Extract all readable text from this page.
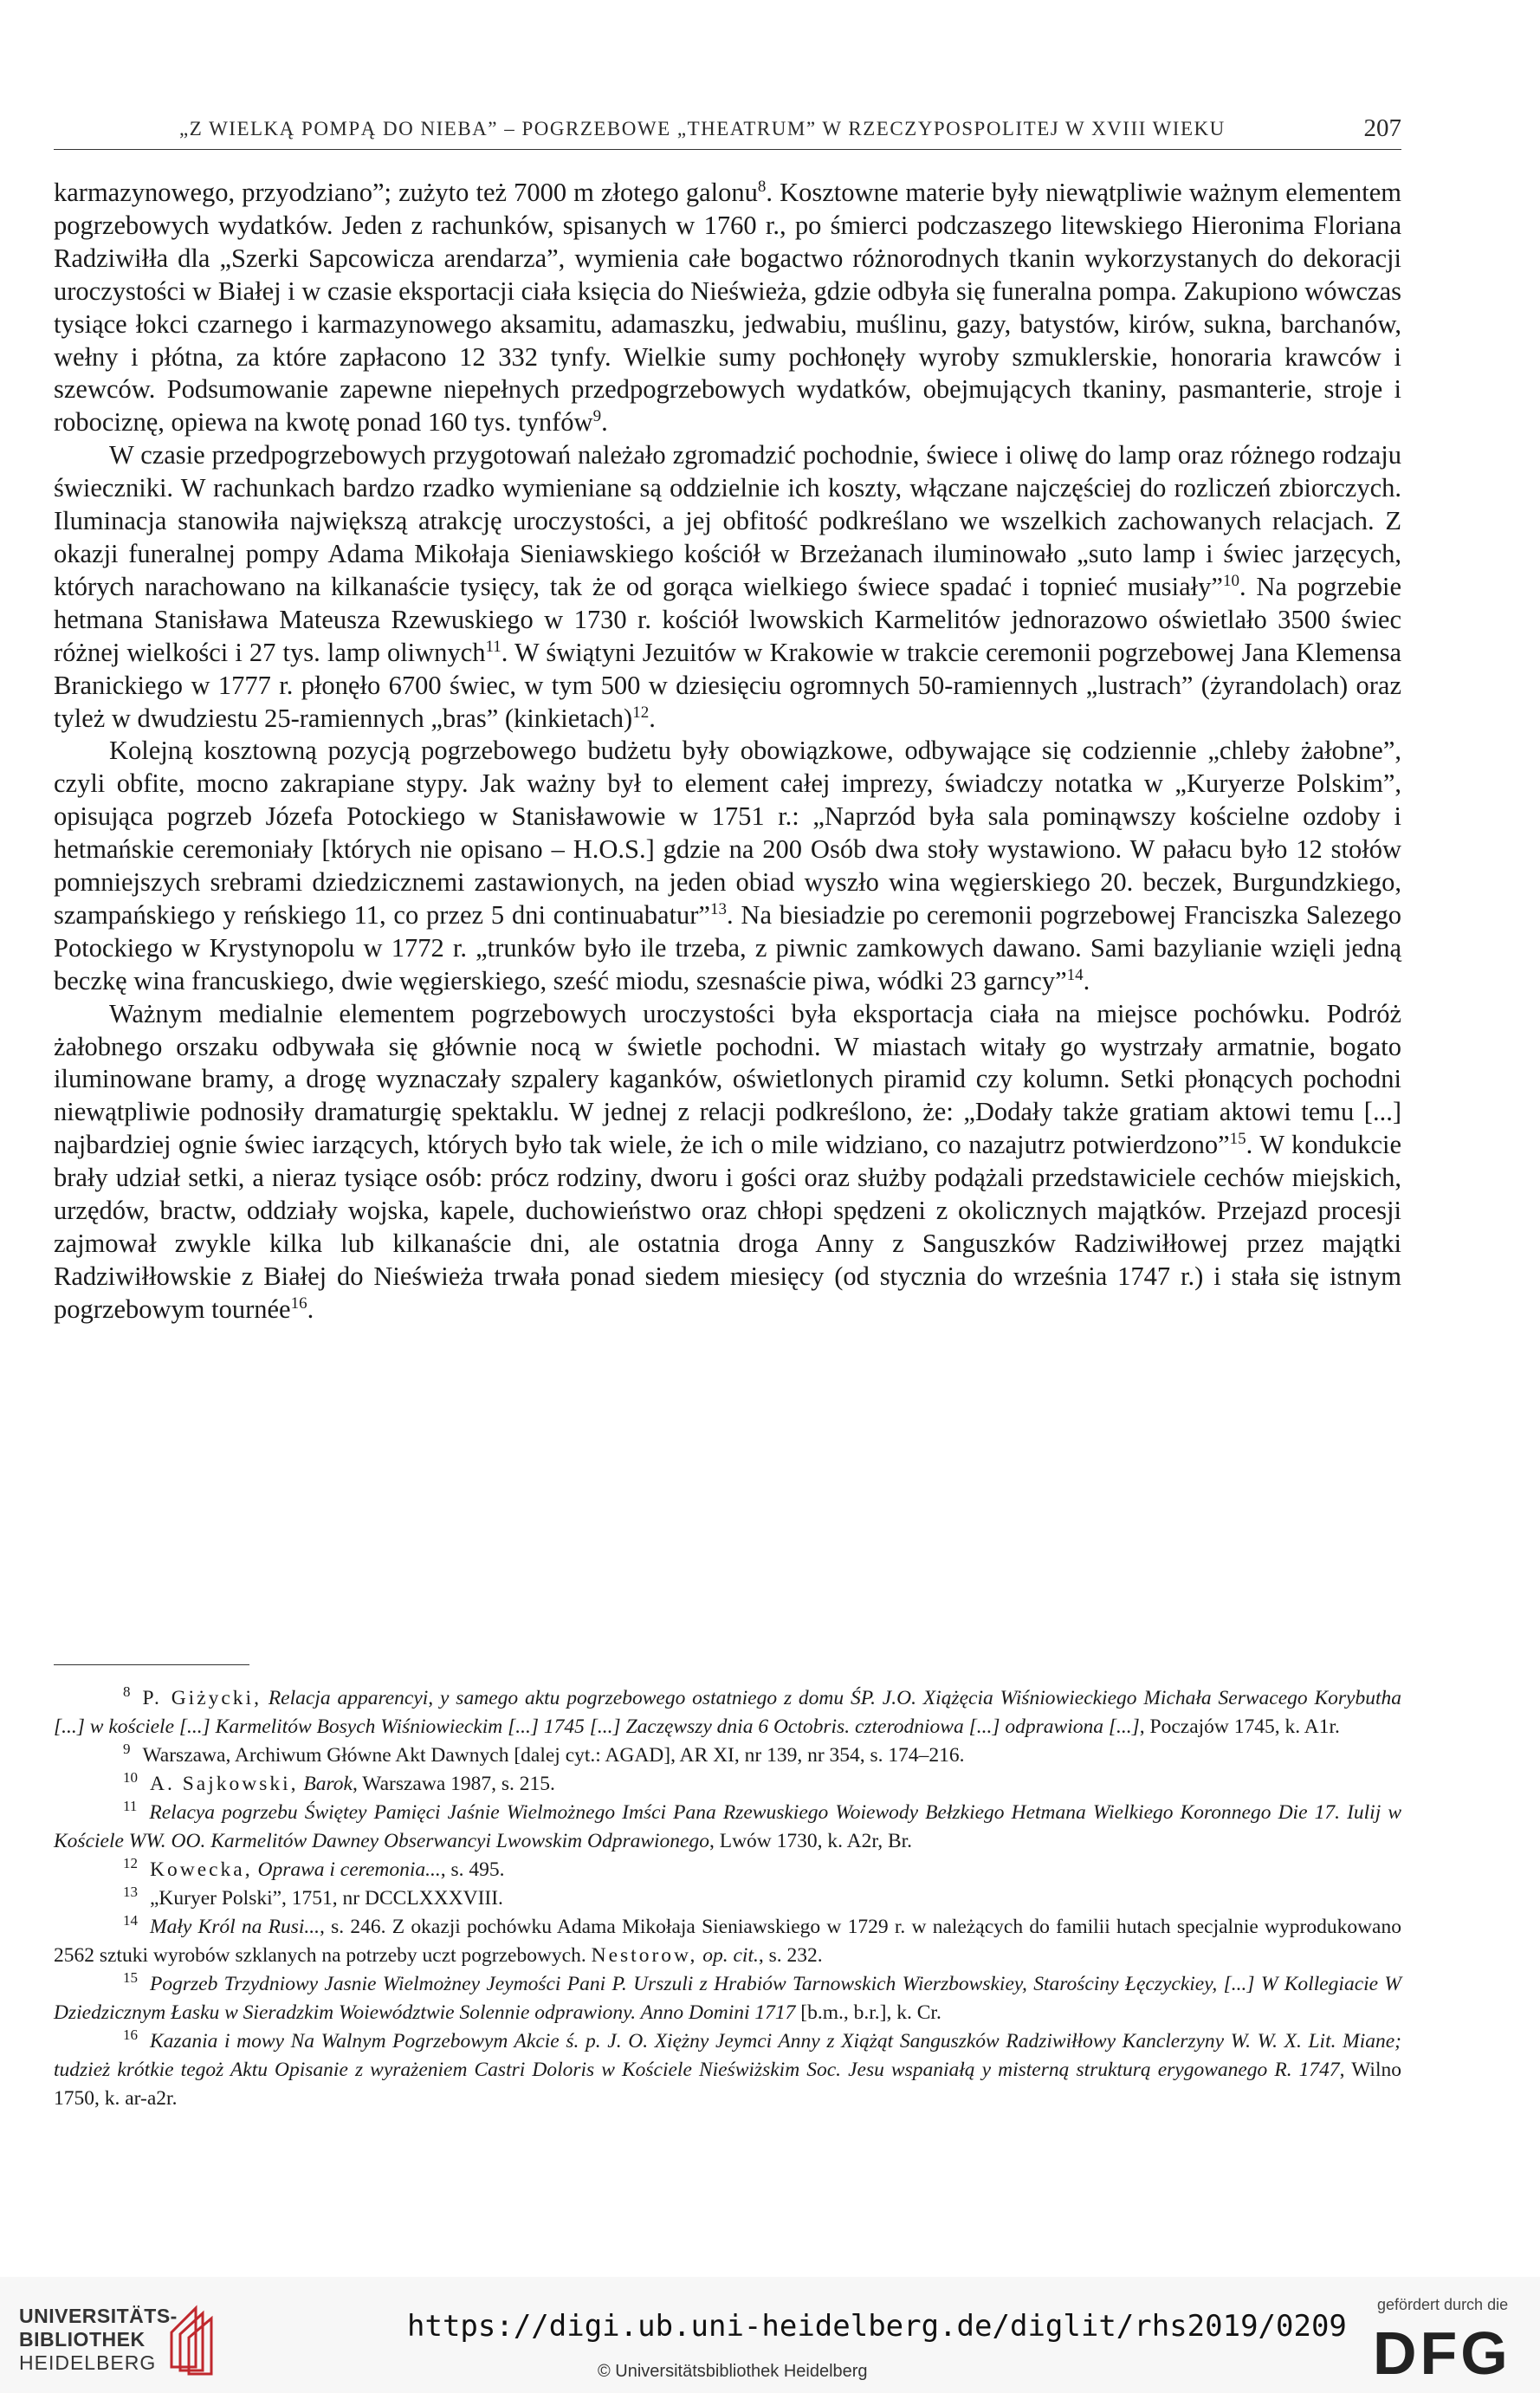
„Z WIELKĄ POMPĄ DO NIEBA” – POGRZEBOWE „THEATRUM” W RZECZYPOSPOLITEJ W XVIII WIEKU	207

karmazynowego, przyodziano”; zużyto też 7000 m złotego galonu$^8$. Kosztowne materie były niewątpliwie ważnym elementem pogrzebowych wydatków. Jeden z rachunków, spisanych w 1760 r., po śmierci podczaszego litewskiego Hieronima Floriana Radziwiłła dla „Szerki Sapcowicza arendarza”, wymienia całe bogactwo różnorodnych tkanin wykorzystanych do dekoracji uroczystości w Białej i w czasie eksportacji ciała księcia do Nieświeża, gdzie odbyła się funeralna pompa. Zakupiono wówczas tysiące łokci czarnego i karmazynowego aksamitu, adamaszku, jedwabiu, muślinu, gazy, batystów, kirów, sukna, barchanów, wełny i płótna, za które zapłacono 12 332 tynfy. Wielkie sumy pochłonęły wyroby szmuklerskie, honoraria krawców i szewców. Podsumowanie zapewne niepełnych przedpogrzebowych wydatków, obejmujących tkaniny, pasmanterie, stroje i robociznę, opiewa na kwotę ponad 160 tys. tynfów$^9$.

W czasie przedpogrzebowych przygotowań należało zgromadzić pochodnie, świece i oliwę do lamp oraz różnego rodzaju świeczniki. W rachunkach bardzo rzadko wymieniane są oddzielnie ich koszty, włączane najczęściej do rozliczeń zbiorczych. Iluminacja stanowiła największą atrakcję uroczystości, a jej obfitość podkreślano we wszelkich zachowanych relacjach. Z okazji funeralnej pompy Adama Mikołaja Sieniawskiego kościół w Brzeżanach iluminowało „suto lamp i świec jarzęcych, których narachowano na kilkanaście tysięcy, tak że od gorąca wielkiego świece spadać i topnieć musiały”$^{10}$. Na pogrzebie hetmana Stanisława Mateusza Rzewuskiego w 1730 r. kościół lwowskich Karmelitów jednorazowo oświetlało 3500 świec różnej wielkości i 27 tys. lamp oliwnych$^{11}$. W świątyni Jezuitów w Krakowie w trakcie ceremonii pogrzebowej Jana Klemensa Branickiego w 1777 r. płonęło 6700 świec, w tym 500 w dziesięciu ogromnych 50-ramiennych „lustrach” (żyrandolach) oraz tyleż w dwudziestu 25-ramiennych „bras” (kinkietach)$^{12}$.

Kolejną kosztowną pozycją pogrzebowego budżetu były obowiązkowe, odbywające się codziennie „chleby żałobne”, czyli obfite, mocno zakrapiane stypy. Jak ważny był to element całej imprezy, świadczy notatka w „Kuryerze Polskim”, opisująca pogrzeb Józefa Potockiego w Stanisławowie w 1751 r.: „Naprzód była sala pominąwszy kościelne ozdoby i hetmańskie ceremoniały [których nie opisano – H.O.S.] gdzie na 200 Osób dwa stoły wystawiono. W pałacu było 12 stołów pomniejszych srebrami dziedzicznemi zastawionych, na jeden obiad wyszło wina węgierskiego 20. beczek, Burgundzkiego, szampańskiego y reńskiego 11, co przez 5 dni continuabatur”$^{13}$. Na biesiadzie po ceremonii pogrzebowej Franciszka Salezego Potockiego w Krystynopolu w 1772 r. „trunków było ile trzeba, z piwnic zamkowych dawano. Sami bazylianie wzięli jedną beczkę wina francuskiego, dwie węgierskiego, sześć miodu, szesnaście piwa, wódki 23 garncy”$^{14}$.

Ważnym medialnie elementem pogrzebowych uroczystości była eksportacja ciała na miejsce pochówku. Podróż żałobnego orszaku odbywała się głównie nocą w świetle pochodni. W miastach witały go wystrzały armatnie, bogato iluminowane bramy, a drogę wyznaczały szpalery kaganków, oświetlonych piramid czy kolumn. Setki płonących pochodni niewątpliwie podnosiły dramaturgię spektaklu. W jednej z relacji podkreślono, że: „Dodały także gratiam aktowi temu [...] najbardziej ognie świec iarzących, których było tak wiele, że ich o mile widziano, co nazajutrz potwierdzono”$^{15}$. W kondukcie brały udział setki, a nieraz tysiące osób: prócz rodziny, dworu i gości oraz służby podążali przedstawiciele cechów miejskich, urzędów, bractw, oddziały wojska, kapele, duchowieństwo oraz chłopi spędzeni z okolicznych majątków. Przejazd procesji zajmował zwykle kilka lub kilkanaście dni, ale ostatnia droga Anny z Sanguszków Radziwiłłowej przez majątki Radziwiłłowskie z Białej do Nieświeża trwała ponad siedem miesięcy (od stycznia do września 1747 r.) i stała się istnym pogrzebowym tournée$^{16}$.

$^8$ P. Giżycki, Relacja apparencyi, y samego aktu pogrzebowego ostatniego z domu ŚP. J.O. Xiążęcia Wiśniowieckiego Michała Serwacego Korybutha [...] w kościele [...] Karmelitów Bosych Wiśniowieckim [...] 1745 [...] Zaczęwszy dnia 6 Octobris. czterodniowa [...] odprawiona [...], Poczajów 1745, k. A1r.

$^9$ Warszawa, Archiwum Główne Akt Dawnych [dalej cyt.: AGAD], AR XI, nr 139, nr 354, s. 174–216.

$^{10}$ A. Sajkowski, Barok, Warszawa 1987, s. 215.

$^{11}$ Relacya pogrzebu Świętey Pamięci Jaśnie Wielmożnego Imści Pana Rzewuskiego Woiewody Bełzkiego Hetmana Wielkiego Koronnego Die 17. Iulij w Kościele WW. OO. Karmelitów Dawney Obserwancyi Lwowskim Odprawionego, Lwów 1730, k. A2r, Br.

$^{12}$ Kowecka, Oprawa i ceremonia..., s. 495.

$^{13}$ „Kuryer Polski”, 1751, nr DCCLXXXVIII.

$^{14}$ Mały Król na Rusi..., s. 246. Z okazji pochówku Adama Mikołaja Sieniawskiego w 1729 r. w należących do familii hutach specjalnie wyprodukowano 2562 sztuki wyrobów szklanych na potrzeby uczt pogrzebowych. Nestorow, op. cit., s. 232.

$^{15}$ Pogrzeb Trzydniowy Jasnie Wielmożney Jeymości Pani P. Urszuli z Hrabiów Tarnowskich Wierzbowskiey, Starościny Łęczyckiey, [...] W Kollegiacie W Dziedzicznym Łasku w Sieradzkim Woiewództwie Solennie odprawiony. Anno Domini 1717 [b.m., b.r.], k. Cr.

$^{16}$ Kazania i mowy Na Walnym Pogrzebowym Akcie ś. p. J. O. Xiężny Jeymci Anny z Xiążąt Sanguszków Radziwiłłowy Kanclerzyny W. W. X. Lit. Miane; tudzież krótkie tegoż Aktu Opisanie z wyrażeniem Castri Doloris w Kościele Nieświżskim Soc. Jesu wspaniałą y misterną strukturą erygowanego R. 1747, Wilno 1750, k. ar-a2r.

UNIVERSITÄTS-
BIBLIOTHEK
HEIDELBERG
https://digi.ub.uni-heidelberg.de/diglit/rhs2019/0209
© Universitätsbibliothek Heidelberg
gefördert durch die
DFG
